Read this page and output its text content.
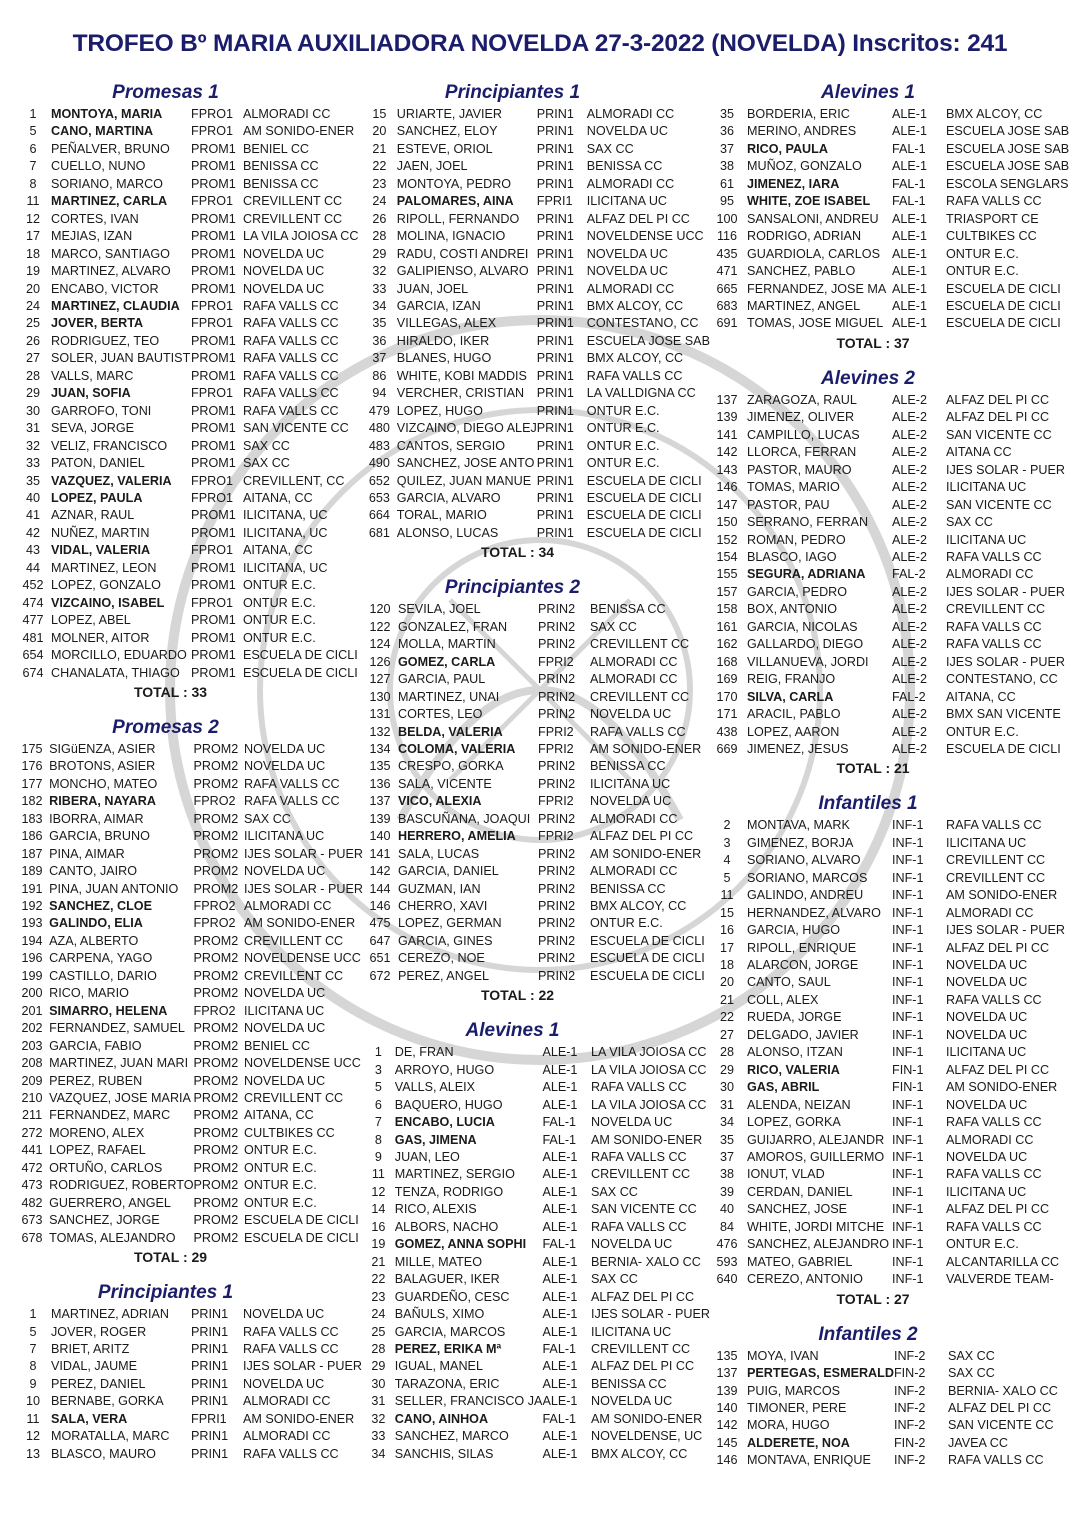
TROFEO Bº MARIA AUXILIADORA NOVELDA 27-3-2022 (NOVELDA) Inscritos: 241
Promesas 1
1	MONTOYA, MARIA	FPRO1	ALMORADI CC
5	CANO, MARTINA	FPRO1	AM SONIDO-ENER
6	PEÑALVER, BRUNO	PROM1	BENIEL CC
7	CUELLO, NUNO	PROM1	BENISSA CC
8	SORIANO, MARCO	PROM1	BENISSA CC
11	MARTINEZ, CARLA	FPRO1	CREVILLENT CC
12	CORTES, IVAN	PROM1	CREVILLENT CC
17	MEJIAS, IZAN	PROM1	LA VILA JOIOSA CC
18	MARCO, SANTIAGO	PROM1	NOVELDA UC
19	MARTINEZ, ALVARO	PROM1	NOVELDA UC
20	ENCABO, VICTOR	PROM1	NOVELDA UC
24	MARTINEZ, CLAUDIA	FPRO1	RAFA VALLS CC
25	JOVER, BERTA	FPRO1	RAFA VALLS CC
26	RODRIGUEZ, TEO	PROM1	RAFA VALLS CC
27	SOLER, JUAN BAUTIST	PROM1	RAFA VALLS CC
28	VALLS, MARC	PROM1	RAFA VALLS CC
29	JUAN, SOFIA	FPRO1	RAFA VALLS CC
30	GARROFO, TONI	PROM1	RAFA VALLS CC
31	SEVA, JORGE	PROM1	SAN VICENTE CC
32	VELIZ, FRANCISCO	PROM1	SAX CC
33	PATON, DANIEL	PROM1	SAX CC
35	VAZQUEZ, VALERIA	FPRO1	CREVILLENT, CC
40	LOPEZ, PAULA	FPRO1	AITANA, CC
41	AZNAR, RAUL	PROM1	ILICITANA, UC
42	NUÑEZ, MARTIN	PROM1	ILICITANA, UC
43	VIDAL, VALERIA	FPRO1	AITANA, CC
44	MARTINEZ, LEON	PROM1	ILICITANA, UC
452	LOPEZ, GONZALO	PROM1	ONTUR E.C.
474	VIZCAINO, ISABEL	FPRO1	ONTUR E.C.
477	LOPEZ, ABEL	PROM1	ONTUR E.C.
481	MOLNER, AITOR	PROM1	ONTUR E.C.
654	MORCILLO, EDUARDO	PROM1	ESCUELA DE CICLI
674	CHANALATA, THIAGO	PROM1	ESCUELA DE CICLI
TOTAL : 33
Promesas 2
175	SIGüENZA, ASIER	PROM2	NOVELDA UC
176	BROTONS, ASIER	PROM2	NOVELDA UC
177	MONCHO, MATEO	PROM2	RAFA VALLS CC
182	RIBERA, NAYARA	FPRO2	RAFA VALLS CC
183	IBORRA, AIMAR	PROM2	SAX CC
186	GARCIA, BRUNO	PROM2	ILICITANA UC
187	PINA, AIMAR	PROM2	IJES SOLAR - PUER
189	CANTO, JAIRO	PROM2	NOVELDA UC
191	PINA, JUAN ANTONIO	PROM2	IJES SOLAR - PUER
192	SANCHEZ, CLOE	FPRO2	ALMORADI CC
193	GALINDO, ELIA	FPRO2	AM SONIDO-ENER
194	AZA, ALBERTO	PROM2	CREVILLENT CC
196	CARPENA, YAGO	PROM2	NOVELDENSE UCC
199	CASTILLO, DARIO	PROM2	CREVILLENT CC
200	RICO, MARIO	PROM2	NOVELDA UC
201	SIMARRO, HELENA	FPRO2	ILICITANA UC
202	FERNANDEZ, SAMUEL	PROM2	NOVELDA UC
203	GARCIA, FABIO	PROM2	BENIEL CC
208	MARTINEZ, JUAN MARI	PROM2	NOVELDENSE UCC
209	PEREZ, RUBEN	PROM2	NOVELDA UC
210	VAZQUEZ, JOSE MARIA	PROM2	CREVILLENT CC
211	FERNANDEZ, MARC	PROM2	AITANA, CC
272	MORENO, ALEX	PROM2	CULTBIKES CC
441	LOPEZ, RAFAEL	PROM2	ONTUR E.C.
472	ORTUÑO, CARLOS	PROM2	ONTUR E.C.
473	RODRIGUEZ, ROBERTO	PROM2	ONTUR E.C.
482	GUERRERO, ANGEL	PROM2	ONTUR E.C.
673	SANCHEZ, JORGE	PROM2	ESCUELA DE CICLI
678	TOMAS, ALEJANDRO	PROM2	ESCUELA DE CICLI
TOTAL : 29
Principiantes 1
1	MARTINEZ, ADRIAN	PRIN1	NOVELDA UC
5	JOVER, ROGER	PRIN1	RAFA VALLS CC
7	BRIET, ARITZ	PRIN1	RAFA VALLS CC
8	VIDAL, JAUME	PRIN1	IJES SOLAR - PUER
9	PEREZ, DANIEL	PRIN1	NOVELDA UC
10	BERNABE, GORKA	PRIN1	ALMORADI CC
11	SALA, VERA	FPRI1	AM SONIDO-ENER
12	MORATALLA, MARC	PRIN1	ALMORADI CC
13	BLASCO, MAURO	PRIN1	RAFA VALLS CC
Principiantes 1
15	URIARTE, JAVIER	PRIN1	ALMORADI CC
20	SANCHEZ, ELOY	PRIN1	NOVELDA UC
21	ESTEVE, ORIOL	PRIN1	SAX CC
22	JAEN, JOEL	PRIN1	BENISSA CC
23	MONTOYA, PEDRO	PRIN1	ALMORADI CC
24	PALOMARES, AINA	FPRI1	ILICITANA UC
26	RIPOLL, FERNANDO	PRIN1	ALFAZ DEL PI CC
28	MOLINA, IGNACIO	PRIN1	NOVELDENSE UCC
29	RADU, COSTI ANDREI	PRIN1	NOVELDA UC
32	GALIPIENSO, ALVARO	PRIN1	NOVELDA UC
33	JUAN, JOEL	PRIN1	ALMORADI CC
34	GARCIA, IZAN	PRIN1	BMX ALCOY, CC
35	VILLEGAS, ALEX	PRIN1	CONTESTANO, CC
36	HIRALDO, IKER	PRIN1	ESCUELA JOSE SAB
37	BLANES, HUGO	PRIN1	BMX ALCOY, CC
86	WHITE, KOBI MADDIS	PRIN1	RAFA VALLS CC
94	VERCHER, CRISTIAN	PRIN1	LA VALLDIGNA CC
479	LOPEZ, HUGO	PRIN1	ONTUR E.C.
480	VIZCAINO, DIEGO ALEJ	PRIN1	ONTUR E.C.
483	CANTOS, SERGIO	PRIN1	ONTUR E.C.
490	SANCHEZ, JOSE ANTO	PRIN1	ONTUR E.C.
652	QUILEZ, JUAN MANUE	PRIN1	ESCUELA DE CICLI
653	GARCIA, ALVARO	PRIN1	ESCUELA DE CICLI
664	TORAL, MARIO	PRIN1	ESCUELA DE CICLI
681	ALONSO, LUCAS	PRIN1	ESCUELA DE CICLI
TOTAL : 34
Principiantes 2
120	SEVILA, JOEL	PRIN2	BENISSA CC
122	GONZALEZ, FRAN	PRIN2	SAX CC
124	MOLLA, MARTIN	PRIN2	CREVILLENT CC
126	GOMEZ, CARLA	FPRI2	ALMORADI CC
127	GARCIA, PAUL	PRIN2	ALMORADI CC
130	MARTINEZ, UNAI	PRIN2	CREVILLENT CC
131	CORTES, LEO	PRIN2	NOVELDA UC
132	BELDA, VALERIA	FPRI2	RAFA VALLS CC
134	COLOMA, VALERIA	FPRI2	AM SONIDO-ENER
135	CRESPO, GORKA	PRIN2	BENISSA CC
136	SALA, VICENTE	PRIN2	ILICITANA UC
137	VICO, ALEXIA	FPRI2	NOVELDA UC
139	BASCUÑANA, JOAQUI	PRIN2	ALMORADI CC
140	HERRERO, AMELIA	FPRI2	ALFAZ DEL PI CC
141	SALA, LUCAS	PRIN2	AM SONIDO-ENER
142	GARCIA, DANIEL	PRIN2	ALMORADI CC
144	GUZMAN, IAN	PRIN2	BENISSA CC
146	CHERRO, XAVI	PRIN2	BMX ALCOY, CC
475	LOPEZ, GERMAN	PRIN2	ONTUR E.C.
647	GARCIA, GINES	PRIN2	ESCUELA DE CICLI
651	CEREZO, NOE	PRIN2	ESCUELA DE CICLI
672	PEREZ, ANGEL	PRIN2	ESCUELA DE CICLI
TOTAL : 22
Alevines 1
1	DE, FRAN	ALE-1	LA VILA JOIOSA CC
3	ARROYO, HUGO	ALE-1	LA VILA JOIOSA CC
5	VALLS, ALEIX	ALE-1	RAFA VALLS CC
6	BAQUERO, HUGO	ALE-1	LA VILA JOIOSA CC
7	ENCABO, LUCIA	FAL-1	NOVELDA UC
8	GAS, JIMENA	FAL-1	AM SONIDO-ENER
9	JUAN, LEO	ALE-1	RAFA VALLS CC
11	MARTINEZ, SERGIO	ALE-1	CREVILLENT CC
12	TENZA, RODRIGO	ALE-1	SAX CC
14	RICO, ALEXIS	ALE-1	SAN VICENTE CC
16	ALBORS, NACHO	ALE-1	RAFA VALLS CC
19	GOMEZ, ANNA SOPHI	FAL-1	NOVELDA UC
21	MILLE, MATEO	ALE-1	BERNIA- XALO CC
22	BALAGUER, IKER	ALE-1	SAX CC
23	GUARDEÑO, CESC	ALE-1	ALFAZ DEL PI CC
24	BAÑULS, XIMO	ALE-1	IJES SOLAR - PUER
25	GARCIA, MARCOS	ALE-1	ILICITANA UC
28	PEREZ, ERIKA Mª	FAL-1	CREVILLENT CC
29	IGUAL, MANEL	ALE-1	ALFAZ DEL PI CC
30	TARAZONA, ERIC	ALE-1	BENISSA CC
31	SELLER, FRANCISCO JA	ALE-1	NOVELDA UC
32	CANO, AINHOA	FAL-1	AM SONIDO-ENER
33	SANCHEZ, MARCO	ALE-1	NOVELDENSE, UC
34	SANCHIS, SILAS	ALE-1	BMX ALCOY, CC
Alevines 1
35	BORDERIA, ERIC	ALE-1	BMX ALCOY, CC
36	MERINO, ANDRES	ALE-1	ESCUELA JOSE SAB
37	RICO, PAULA	FAL-1	ESCUELA JOSE SAB
38	MUÑOZ, GONZALO	ALE-1	ESCUELA JOSE SAB
61	JIMENEZ, IARA	FAL-1	ESCOLA SENGLARS
95	WHITE, ZOE ISABEL	FAL-1	RAFA VALLS CC
100	SANSALONI, ANDREU	ALE-1	TRIASPORT CE
116	RODRIGO, ADRIAN	ALE-1	CULTBIKES CC
435	GUARDIOLA, CARLOS	ALE-1	ONTUR E.C.
471	SANCHEZ, PABLO	ALE-1	ONTUR E.C.
665	FERNANDEZ, JOSE MA	ALE-1	ESCUELA DE CICLI
683	MARTINEZ, ANGEL	ALE-1	ESCUELA DE CICLI
691	TOMAS, JOSE MIGUEL	ALE-1	ESCUELA DE CICLI
TOTAL : 37
Alevines 2
137	ZARAGOZA, RAUL	ALE-2	ALFAZ DEL PI CC
139	JIMENEZ, OLIVER	ALE-2	ALFAZ DEL PI CC
141	CAMPILLO, LUCAS	ALE-2	SAN VICENTE CC
142	LLORCA, FERRAN	ALE-2	AITANA CC
143	PASTOR, MAURO	ALE-2	IJES SOLAR - PUER
146	TOMAS, MARIO	ALE-2	ILICITANA UC
147	PASTOR, PAU	ALE-2	SAN VICENTE CC
150	SERRANO, FERRAN	ALE-2	SAX CC
152	ROMAN, PEDRO	ALE-2	ILICITANA UC
154	BLASCO, IAGO	ALE-2	RAFA VALLS CC
155	SEGURA, ADRIANA	FAL-2	ALMORADI CC
157	GARCIA, PEDRO	ALE-2	IJES SOLAR - PUER
158	BOX, ANTONIO	ALE-2	CREVILLENT CC
161	GARCIA, NICOLAS	ALE-2	RAFA VALLS CC
162	GALLARDO, DIEGO	ALE-2	RAFA VALLS CC
168	VILLANUEVA, JORDI	ALE-2	IJES SOLAR - PUER
169	REIG, FRANJO	ALE-2	CONTESTANO, CC
170	SILVA, CARLA	FAL-2	AITANA, CC
171	ARACIL, PABLO	ALE-2	BMX SAN VICENTE
438	LOPEZ, AARON	ALE-2	ONTUR E.C.
669	JIMENEZ, JESUS	ALE-2	ESCUELA DE CICLI
TOTAL : 21
Infantiles 1
2	MONTAVA, MARK	INF-1	RAFA VALLS CC
3	GIMENEZ, BORJA	INF-1	ILICITANA UC
4	SORIANO, ALVARO	INF-1	CREVILLENT CC
5	SORIANO, MARCOS	INF-1	CREVILLENT CC
11	GALINDO, ANDREU	INF-1	AM SONIDO-ENER
15	HERNANDEZ, ALVARO	INF-1	ALMORADI CC
16	GARCIA, HUGO	INF-1	IJES SOLAR - PUER
17	RIPOLL, ENRIQUE	INF-1	ALFAZ DEL PI CC
18	ALARCON, JORGE	INF-1	NOVELDA UC
20	CANTO, SAUL	INF-1	NOVELDA UC
21	COLL, ALEX	INF-1	RAFA VALLS CC
22	RUEDA, JORGE	INF-1	NOVELDA UC
27	DELGADO, JAVIER	INF-1	NOVELDA UC
28	ALONSO, ITZAN	INF-1	ILICITANA UC
29	RICO, VALERIA	FIN-1	ALFAZ DEL PI CC
30	GAS, ABRIL	FIN-1	AM SONIDO-ENER
31	ALENDA, NEIZAN	INF-1	NOVELDA UC
34	LOPEZ, GORKA	INF-1	RAFA VALLS CC
35	GUIJARRO, ALEJANDR	INF-1	ALMORADI CC
37	AMOROS, GUILLERMO	INF-1	NOVELDA UC
38	IONUT, VLAD	INF-1	RAFA VALLS CC
39	CERDAN, DANIEL	INF-1	ILICITANA UC
40	SANCHEZ, JOSE	INF-1	ALFAZ DEL PI CC
84	WHITE, JORDI MITCHE	INF-1	RAFA VALLS CC
476	SANCHEZ, ALEJANDRO	INF-1	ONTUR E.C.
593	MATEO, GABRIEL	INF-1	ALCANTARILLA CC
640	CEREZO, ANTONIO	INF-1	VALVERDE TEAM-
TOTAL : 27
Infantiles 2
135	MOYA, IVAN	INF-2	SAX CC
137	PERTEGAS, ESMERALD	FIN-2	SAX CC
139	PUIG, MARCOS	INF-2	BERNIA- XALO CC
140	TIMONER, PERE	INF-2	ALFAZ DEL PI CC
142	MORA, HUGO	INF-2	SAN VICENTE CC
145	ALDERETE, NOA	FIN-2	JAVEA CC
146	MONTAVA, ENRIQUE	INF-2	RAFA VALLS CC
